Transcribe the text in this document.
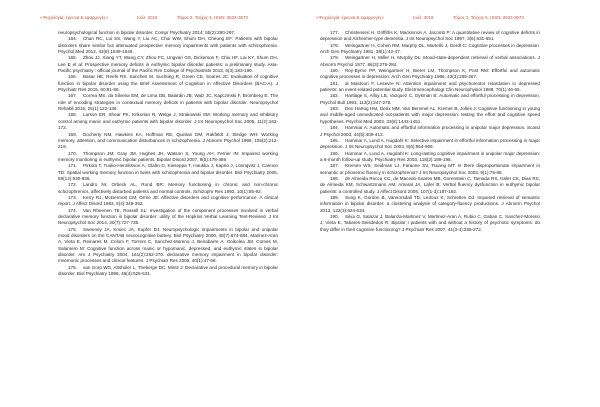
«Ψυχολογία: έρευνα & εφαρμογές»	Ιούλ. 2019	Τόμος 2, Τεύχος 5, ISSN: 2623-3673

neuropsychological function in bipolar disorder. Compr Psychiatry 2014; 55(2):290-297.

164. Chan RC, Lui SS, Wang Y, Liu AC, Chui WW, Shum DH, Cheung EF: Patients with bipolar disorders share similar but attenuated prospective memory impairments with patients with schizophrenia. Psychol Med 2012, 43(8):1639-1649.

165. Zhou JJ, Xiang YT, Wang CY, Zhou FC, Ungvari GS, Dickerson F, Chiu HF, Lai KY, Shum DH, Lee E et al: Prospective memory deficits in euthymic bipolar disorder patients: a preliminary study. Asia-Pacific psychiatry : official journal of the Pacific Rim College of Psychiatrists 2013, 5(3):183-190.

166. Basar HE, Reefs RS, Sanches M, Suchting R, Green CE, Soares JC: Evaluation of cognitive function in bipolar disorder using the Brief Assessment of Cognition in Affective Disorders (BAC-A). J Psychiatr Res 2015, 60:81-86.

167. Correa MS, da Silveira EM, de Lima DB, Balardin JB, Walz JC, Kapczinski F, Bromberg E: The role of encoding strategies in contextual memory deficits in patients with bipolar disorder. Neuropsychol Rehabil 2015, 25(1):122-136.

168. Larson ER, Shear PK, Krikorian R, Welge J, Strakowski SM: Working memory and inhibitory control among manic and euthymic patients with bipolar disorder. J Int Neuropsychol Soc 2005, 11(2):163-172.

169. Docherty NM, Hawkins KA, Hoffman RE, Quinlan DM, Rakfeldt J, Sledge WH: Working memory, attention, and communication disturbances in schizophrenia. J Abnorm Psychol 1996, 105(2):212-219.

170. Thompson JM, Gray JM, Hughes JH, Watson S, Young AH, Ferrier IN: Impaired working memory monitoring in euthymic bipolar patients. Bipolar Disord 2007, 9(5):478-489.

171. Pirkola T, Tuulio-Henriksson A, Glahn D, Kieseppa T, Haukka J, Kaprio J, Lonnqvist J, Cannon TD: Spatial working memory function in twins with schizophrenia and bipolar disorder. Biol Psychiatry 2005, 58(12):930-936.

172. Landro NI, Orbeck AL, Rund BR: Memory functioning in chronic and non-chronic schizophrenics, affectively disturbed patients and normal controls. Schizophr Res 1993, 10(1):85-92.

173. Kerry RJ, McDermott CM, Orme JE: Affective disorders and cognitive performance. A clinical report. J Affect Disord 1983, 5(4):349-352.

174. Van Rheenen TE, Rossell SL: Investigation of the component processes involved in verbal declarative memory function in bipolar disorder: utility of the Hopkins Verbal Learning Test-Revised. J Int Neuropsychol Soc 2014, 20(7):727-735.

175. Sweeney JA, Kmiec JA, Kupfer DJ: Neuropsychologic impairments in bipolar and unipolar mood disorders on the CANTAB neurocognitive battery. Biol Psychiatry 2000, 48(7):674-684. Marinez-Aran A, Vieta E, Reinares M, Colom F, Torrent C, Sanchez-Moreno J, Benabarre A, Goikolea JM, Comes M, Salamero M: Cognitive function across manic or hypomanic, depressed, and euthymic states in bipolar disorder. Am J Psychiatry 2004, 161(2):262-270. declarative memory impairment in bipolar disorder: mnemonic processes and clinical features. J Psychiatr Res 2006, 40(1):47-58.

176. van Gorp WG, Altshuler L, Theberge DC, Mintz J: Declarative and procedural memory in bipolar disorder. Biol Psychiatry 1999, 46(4):525-531.

«Ψυχολογία: έρευνα & εφαρμογές»	Ιούλ. 2019	Τόμος 2, Τεύχος 5, ISSN: 2623-3673

177. Christensen H, Griffiths K, Mackinnon A, Jacomb P: A quantitative review of cognitive deficits in depression and Alzheimer-type dementia. J Int Neuropsychol Soc 1997, 3(6):631-651.

178. Weingartner H, Cohen RM, Murphy DL, Martello J, Gerdt C: Cognitive processes in depression. Arch Gen Psychiatry 1981, 38(1):42-47.

179. Weingartner H, Miller H, Murphy DL: Mood-state-dependent retrieval of verbal associations. J Abnorm Psychol 1977, 86(3):276-284.

180. Roy-Byrne PP, Weingartner H, Bierer LM, Thompson K, Post RM: Effortful and automatic cognitive processes in depression. Arch Gen Psychiatry 1986, 43(3):265-267.

181. al Mastouri F, Lesevre N: Attention impairment and psychomotor retardation in depressed patients: an event-related potential study. Electroencephalogr Clin Neurophysiol 1988, 70(1):46-55.

182. Hartlage S, Alloy LB, Vazquez C, Dykman B: Automatic and effortful processing in depression. Psychol Bull 1993, 113(2):247-278.

183. Den Hartog HM, Derix MM, Van Bemmel AL, Kremer B, Jolles J: Cognitive functioning in young and middle-aged unmedicated out-patients with major depression: testing the effort and cognitive speed hypotheses. Psychol Med 2003, 33(8):1443-1451.

184. Hammar A: Automatic and effortful information processing in unipolar major depression. Scand J Psychol 2003, 44(5):409-413.

185. Hammar A, Lund A, Hugdahl K: Selective impairment in effortful information processing in major depression. J Int Neuropsychol Soc 2003, 9(6):954-959.

186. Hammar A, Lund A, Hugdahl K: Long-lasting cognitive impairment in unipolar major depression: a 6-month follow-up study. Psychiatry Res 2003, 118(2):189-196.

187. Kremen WS, Seidman LJ, Faraone SV, Tsuang MT: Is there disproportionate impairment in semantic or phonemic fluency in schizophrenia? J Int Neuropsychol Soc 2003, 9(1):79-88.

188. de Almeida Rocca CC, de Macedo-Soares MB, Gorenstein C, Tamada RS, Issler CK, Dias RS, de Almeida KM, Schwartzmann AM, Amaral JA, Lafer B: Verbal fluency dysfunction in euthymic bipolar patients: a controlled study. J Affect Disord 2008, 107(1-3):187-192.

189. Sung K, Gordon B, Vannorsdall TD, Ledoux K, Schretlen DJ: Impaired retrieval of semantic information in bipolar disorder: a clustering analysis of category-fluency productions. J Abnorm Psychol 2013, 122(3):624-634.

190. Silva G, Salazar J, Balanza-Martinez V, Martinez-Aran A, Rubio C, Gaban C, Sanchez-Moreno J, Vieta E, Tabares-Seisdedos R: Bipolar I patients with and without a history of psychotic symptoms: do they differ in their cognitive functioning? J Psychiatr Res 2007, 41(3-4):265-272.
